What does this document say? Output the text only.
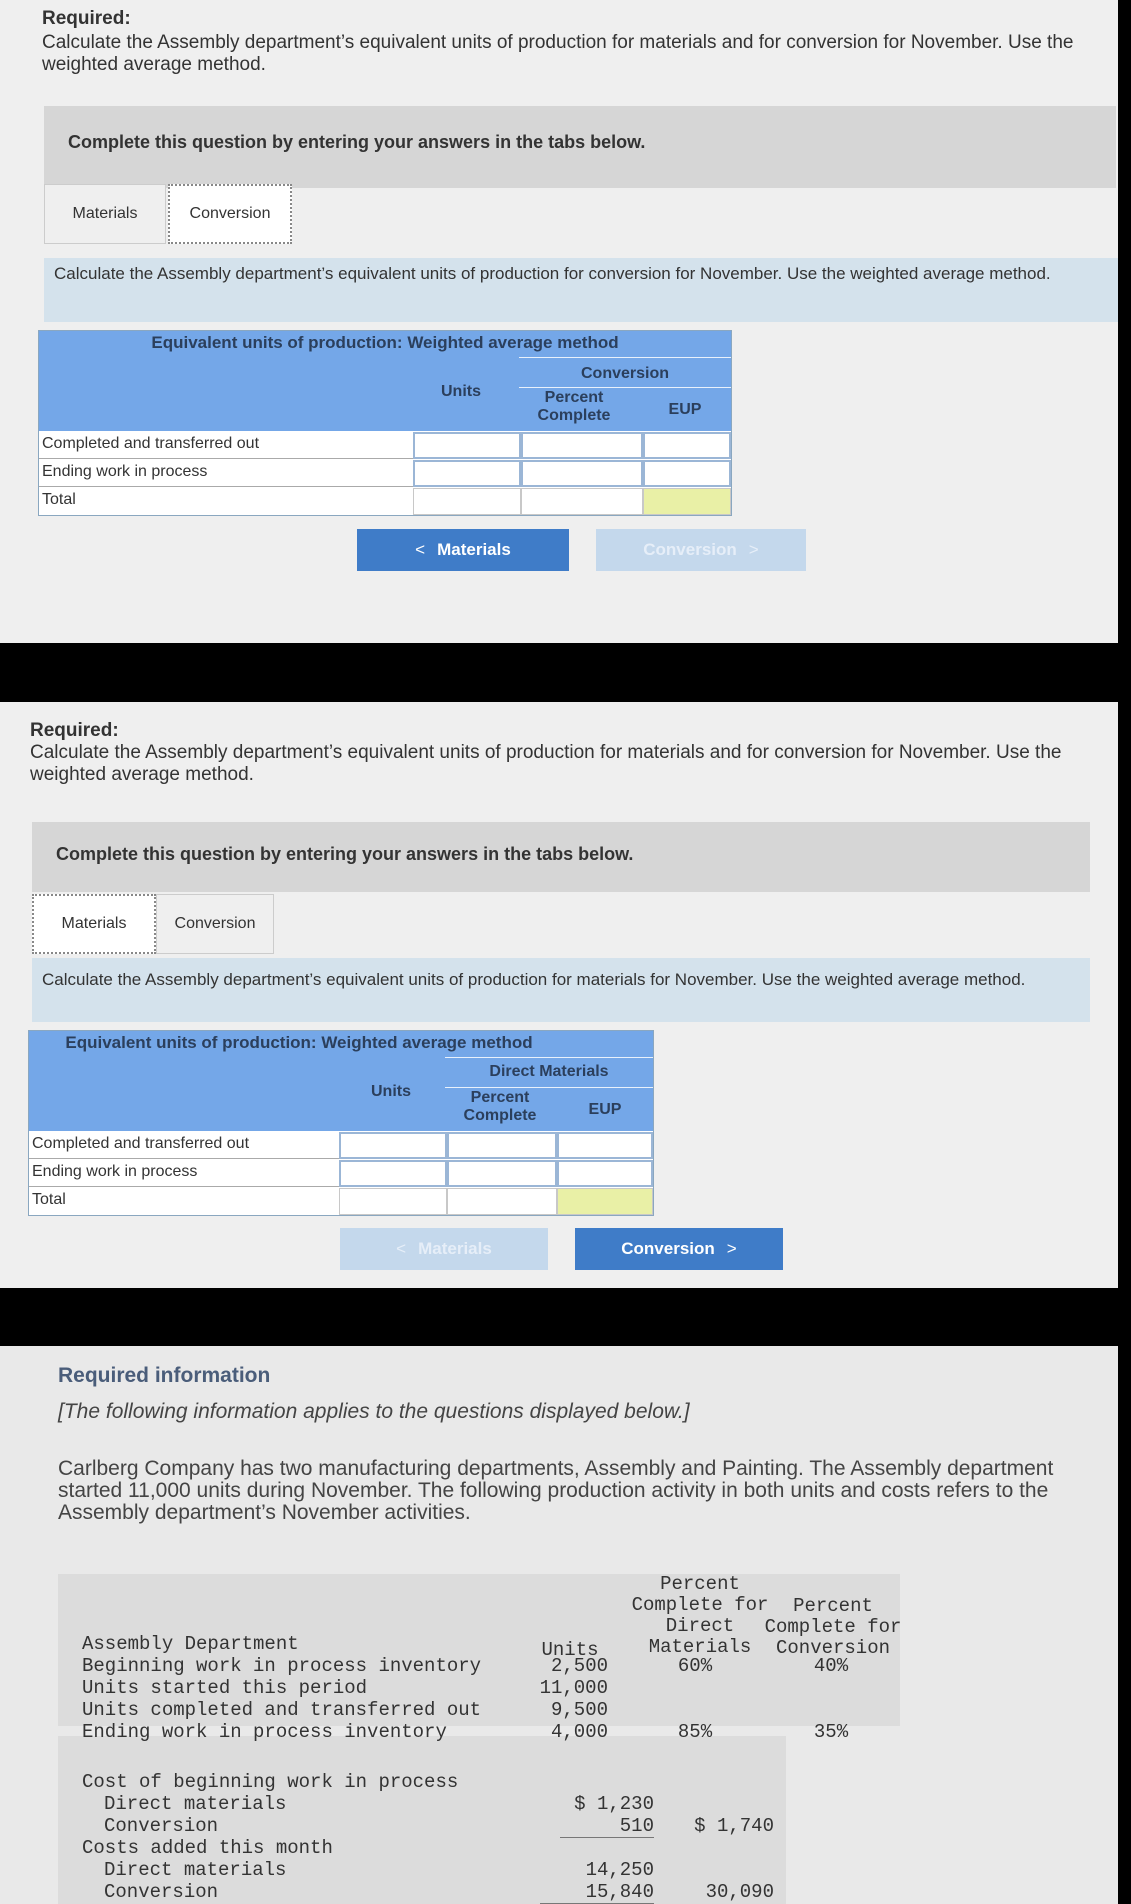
Required:
Calculate the Assembly department’s equivalent units of production for materials and for conversion for November. Use the weighted average method.
Complete this question by entering your answers in the tabs below.
Materials	Conversion
Calculate the Assembly department’s equivalent units of production for conversion for November. Use the weighted average method.
Equivalent units of production: Weighted average method
Conversion
Units	Percent Complete	EUP
Completed and transferred out
Ending work in process
Total
< Materials	Conversion >
Required:
Calculate the Assembly department’s equivalent units of production for materials and for conversion for November. Use the weighted average method.
Complete this question by entering your answers in the tabs below.
Materials	Conversion
Calculate the Assembly department’s equivalent units of production for materials for November. Use the weighted average method.
Equivalent units of production: Weighted average method
Direct Materials
Units	Percent Complete	EUP
Completed and transferred out
Ending work in process
Total
< Materials	Conversion >
Required information
[The following information applies to the questions displayed below.]
Carlberg Company has two manufacturing departments, Assembly and Painting. The Assembly department started 11,000 units during November. The following production activity in both units and costs refers to the Assembly department’s November activities.
Percent
Complete for
Direct
Materials
Percent
Complete for
Conversion
Units
Assembly Department
Beginning work in process inventory	2,500	60%	40%
Units started this period	11,000
Units completed and transferred out	9,500
Ending work in process inventory	4,000	85%	35%
Cost of beginning work in process
Direct materials	$ 1,230
Conversion	510	$ 1,740
Costs added this month
Direct materials	14,250
Conversion	15,840	30,090
